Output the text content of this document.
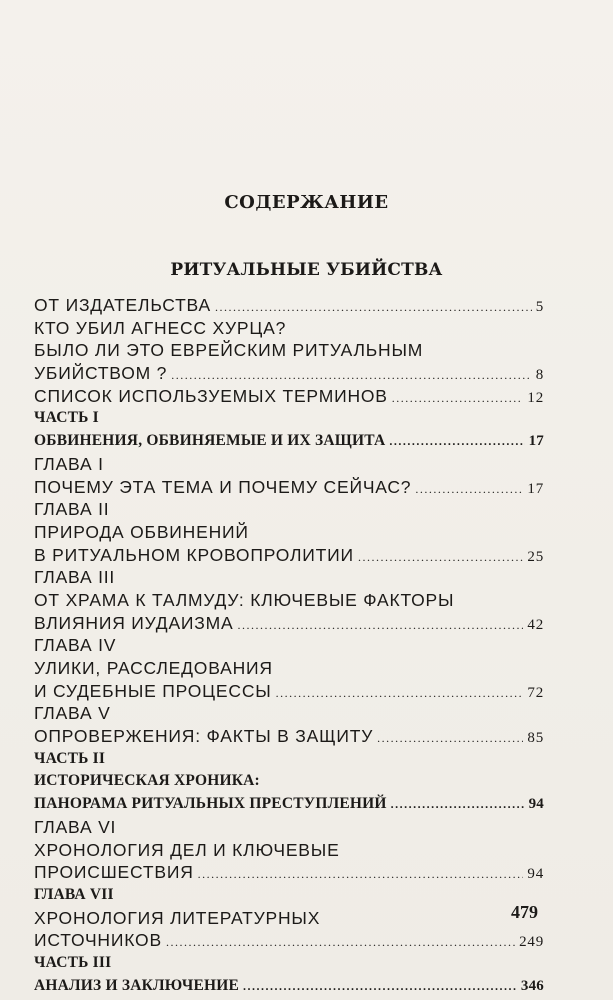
СОДЕРЖАНИЕ
РИТУАЛЬНЫЕ УБИЙСТВА
ОТ ИЗДАТЕЛЬСТВА .....	5
КТО УБИЛ АГНЕСС ХУРЦА?
БЫЛО ЛИ ЭТО ЕВРЕЙСКИМ РИТУАЛЬНЫМ
УБИЙСТВОМ ? .....	8
СПИСОК ИСПОЛЬЗУЕМЫХ ТЕРМИНОВ .....	12
ЧАСТЬ I
ОБВИНЕНИЯ, ОБВИНЯЕМЫЕ И ИХ ЗАЩИТА .....	17
ГЛАВА I
ПОЧЕМУ ЭТА ТЕМА И ПОЧЕМУ СЕЙЧАС? .....	17
ГЛАВА II
ПРИРОДА ОБВИНЕНИЙ
В РИТУАЛЬНОМ КРОВОПРОЛИТИИ .....	25
ГЛАВА III
ОТ ХРАМА К ТАЛМУДУ: КЛЮЧЕВЫЕ ФАКТОРЫ
ВЛИЯНИЯ ИУДАИЗМА .....	42
ГЛАВА IV
УЛИКИ, РАССЛЕДОВАНИЯ
И СУДЕБНЫЕ ПРОЦЕССЫ .....	72
ГЛАВА V
ОПРОВЕРЖЕНИЯ: ФАКТЫ В ЗАЩИТУ .....	85
ЧАСТЬ II
ИСТОРИЧЕСКАЯ ХРОНИКА:
ПАНОРАМА РИТУАЛЬНЫХ ПРЕСТУПЛЕНИЙ .....	94
ГЛАВА VI
ХРОНОЛОГИЯ ДЕЛ И КЛЮЧЕВЫЕ
ПРОИСШЕСТВИЯ .....	94
ГЛАВА VII
ХРОНОЛОГИЯ ЛИТЕРАТУРНЫХ
ИСТОЧНИКОВ .....	249
ЧАСТЬ III
АНАЛИЗ И ЗАКЛЮЧЕНИЕ .....	346
479
